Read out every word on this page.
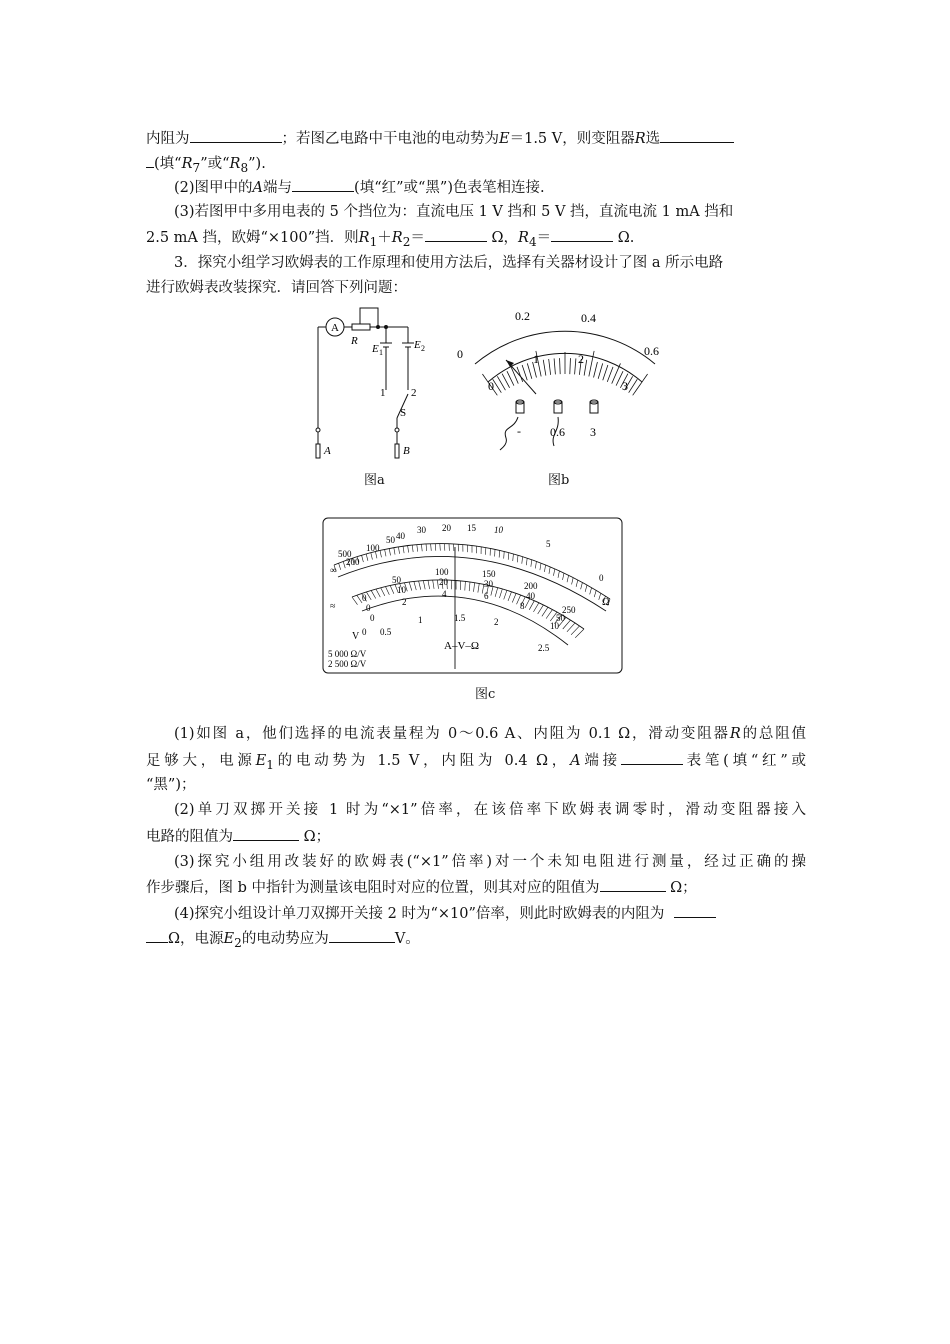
内阻为	；若图乙电路中干电池的电动势为E＝1.5 V，则变阻器R选
(填“$R_7$”或“$R_8$”).
(2)图甲中的A端与	(填“红”或“黑”)色表笔相连接.
(3)若图甲中多用电表的 5 个挡位为：直流电压 1 V 挡和 5 V 挡，直流电流 1 mA 挡和
2.5 mA 挡，欧姆“×100”挡．则$R_1+R_2=$	Ω，$R_4=$	Ω.
3．探究小组学习欧姆表的工作原理和使用方法后，选择有关器材设计了图 a 所示电路
进行欧姆表改装探究．请回答下列问题：
A
R
E 1
E 2
1 2
S
A	B
图a
0
0.2	0.4
0.6
0
1	2
3
- 0.6 3
图b
∞
500
200
100
50 40
30 20 15 10
5
0
Ω
0
50
100	150
200
250
0
10
20	30
40
50
0
2
4	6
8
10
0 0.5
1	1.5	2
2.5
A–V–Ω
≈
V
5 000 Ω/V
2 500 Ω/V
图c
(1)如图 a，他们选择的电流表量程为 0～0.6 A、内阻为 0.1 Ω，滑动变阻器R的总阻值
足够大，电源$E_1$的电动势为 1.5 V，内阻为 0.4 Ω，A端接	表笔(填“红”或
“黑”)；
(2)单刀双掷开关接 1 时为“×1”倍率，在该倍率下欧姆表调零时，滑动变阻器接入
电路的阻值为	Ω；
(3)探究小组用改装好的欧姆表(“×1”倍率)对一个未知电阻进行测量，经过正确的操
作步骤后，图 b 中指针为测量该电阻时对应的位置，则其对应的阻值为	Ω；
(4)探究小组设计单刀双掷开关接 2 时为“×10”倍率，则此时欧姆表的内阻为
Ω，电源$E_2$的电动势应为	V。
